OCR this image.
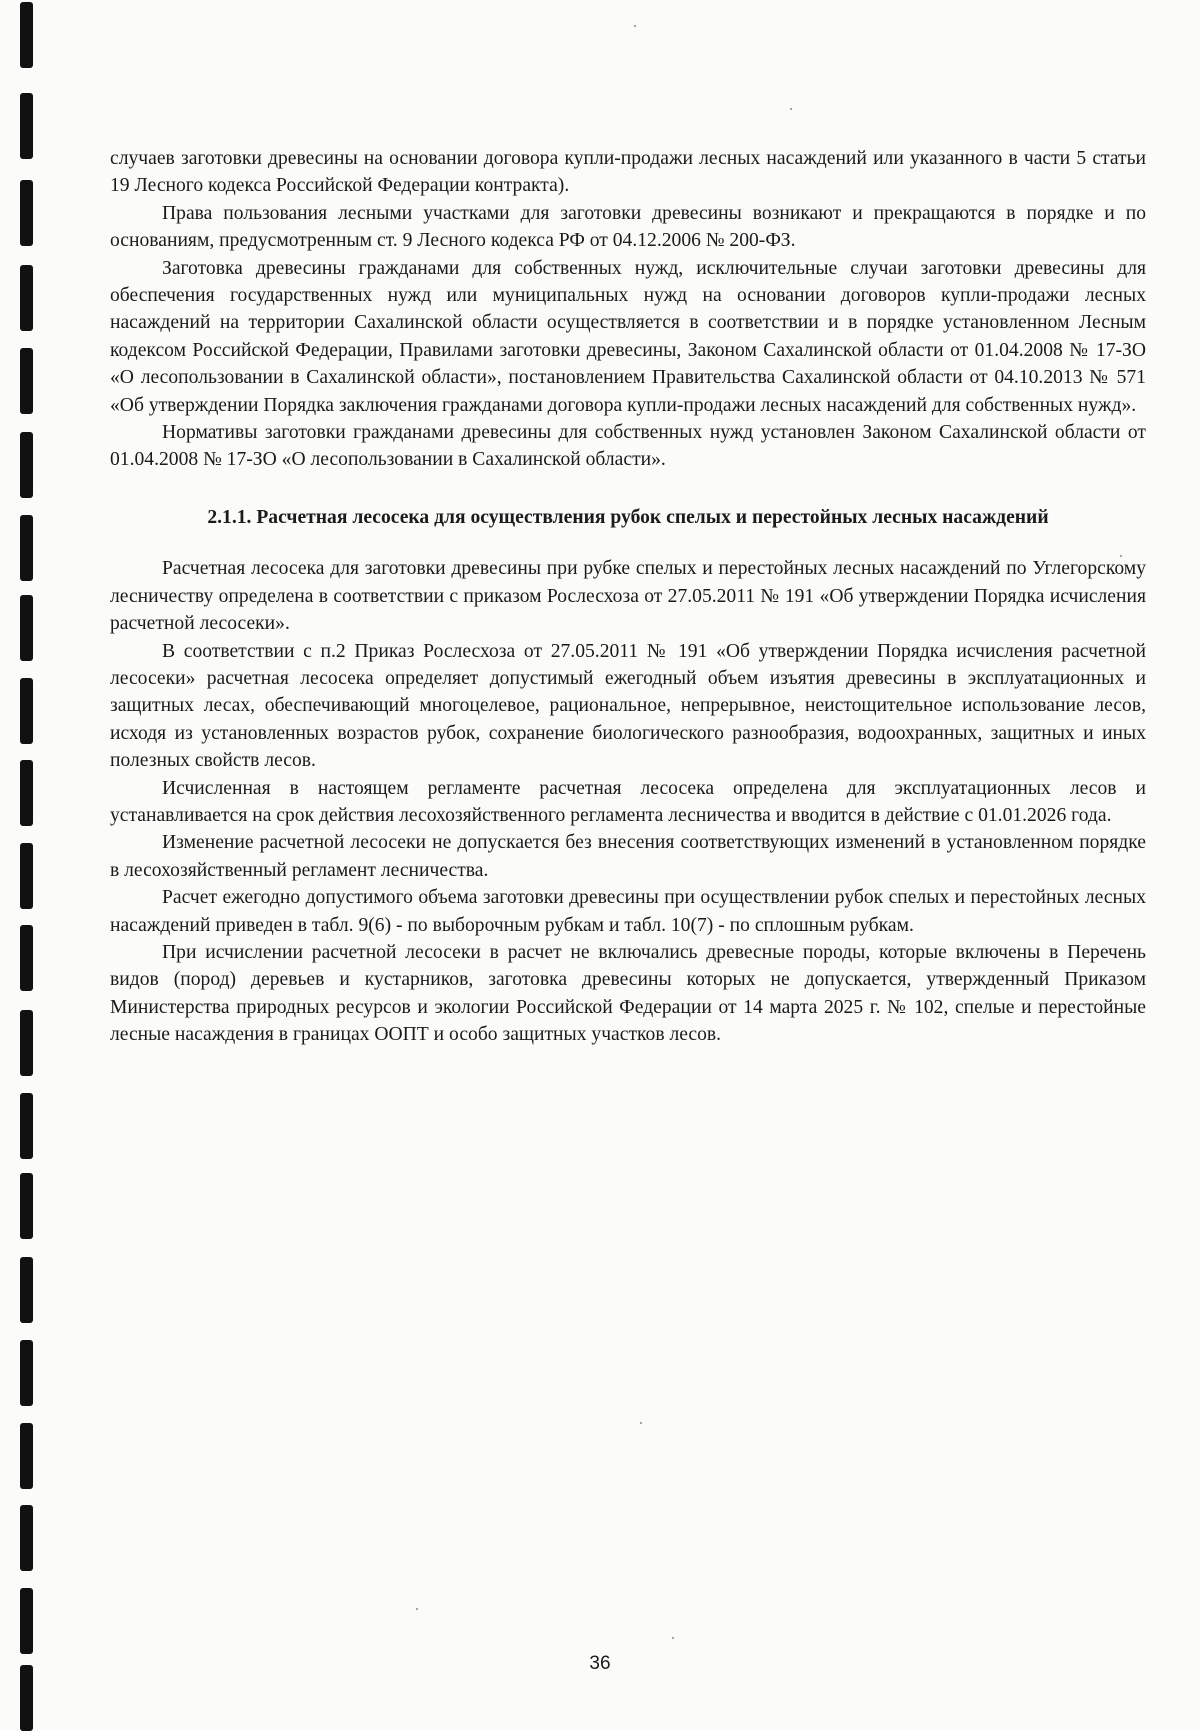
случаев заготовки древесины на основании договора купли-продажи лесных насаждений или указанного в части 5 статьи 19 Лесного кодекса Российской Федерации контракта).

Права пользования лесными участками для заготовки древесины возникают и прекращаются в порядке и по основаниям, предусмотренным ст. 9 Лесного кодекса РФ от 04.12.2006 № 200-ФЗ.

Заготовка древесины гражданами для собственных нужд, исключительные случаи заготовки древесины для обеспечения государственных нужд или муниципальных нужд на основании договоров купли-продажи лесных насаждений на территории Сахалинской области осуществляется в соответствии и в порядке установленном Лесным кодексом Российской Федерации, Правилами заготовки древесины, Законом Сахалинской области от 01.04.2008 № 17-ЗО «О лесопользовании в Сахалинской области», постановлением Правительства Сахалинской области от 04.10.2013 № 571 «Об утверждении Порядка заключения гражданами договора купли-продажи лесных насаждений для собственных нужд».

Нормативы заготовки гражданами древесины для собственных нужд установлен Законом Сахалинской области от 01.04.2008 № 17-ЗО «О лесопользовании в Сахалинской области».

2.1.1. Расчетная лесосека для осуществления рубок спелых и перестойных лесных насаждений

Расчетная лесосека для заготовки древесины при рубке спелых и перестойных лесных насаждений по Углегорскому лесничеству определена в соответствии с приказом Рослесхоза от 27.05.2011 № 191 «Об утверждении Порядка исчисления расчетной лесосеки».

В соответствии с п.2 Приказ Рослесхоза от 27.05.2011 № 191 «Об утверждении Порядка исчисления расчетной лесосеки» расчетная лесосека определяет допустимый ежегодный объем изъятия древесины в эксплуатационных и защитных лесах, обеспечивающий многоцелевое, рациональное, непрерывное, неистощительное использование лесов, исходя из установленных возрастов рубок, сохранение биологического разнообразия, водоохранных, защитных и иных полезных свойств лесов.

Исчисленная в настоящем регламенте расчетная лесосека определена для эксплуатационных лесов и устанавливается на срок действия лесохозяйственного регламента лесничества и вводится в действие с 01.01.2026 года.

Изменение расчетной лесосеки не допускается без внесения соответствующих изменений в установленном порядке в лесохозяйственный регламент лесничества.

Расчет ежегодно допустимого объема заготовки древесины при осуществлении рубок спелых и перестойных лесных насаждений приведен в табл. 9(6) - по выборочным рубкам и табл. 10(7) - по сплошным рубкам.

При исчислении расчетной лесосеки в расчет не включались древесные породы, которые включены в Перечень видов (пород) деревьев и кустарников, заготовка древесины которых не допускается, утвержденный Приказом Министерства природных ресурсов и экологии Российской Федерации от 14 марта 2025 г. № 102, спелые и перестойные лесные насаждения в границах ООПТ и особо защитных участков лесов.

36
